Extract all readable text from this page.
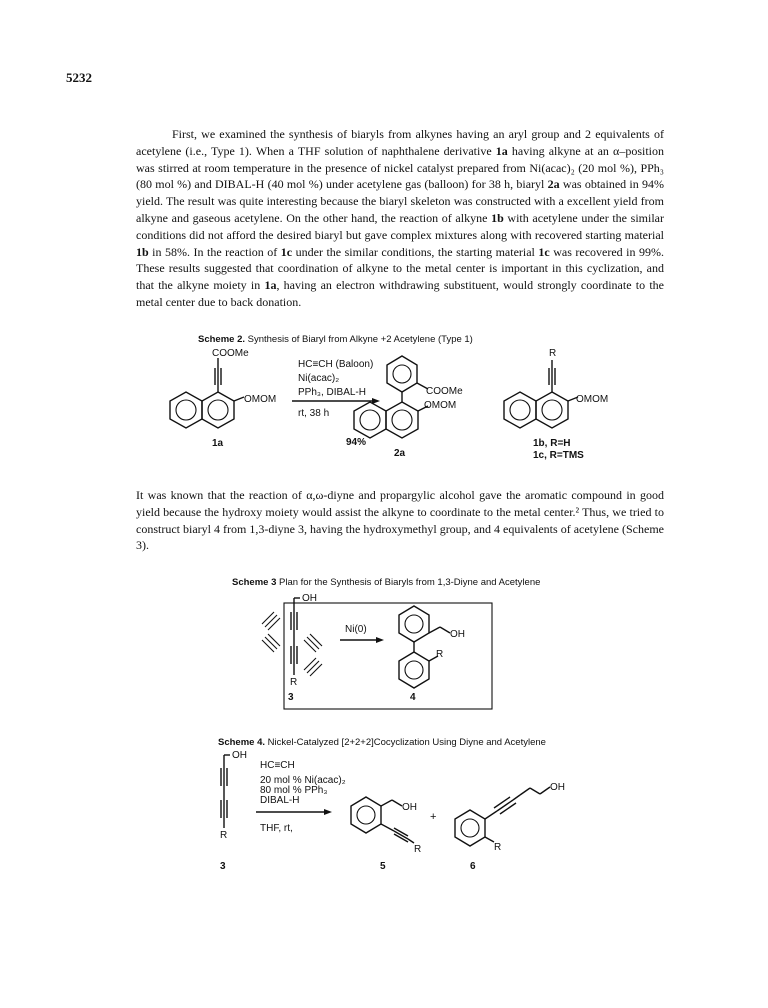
5232

First, we examined the synthesis of biaryls from alkynes having an aryl group and 2 equivalents of acetylene (i.e., Type 1). When a THF solution of naphthalene derivative 1a having alkyne at an α–position was stirred at room temperature in the presence of nickel catalyst prepared from Ni(acac)₂ (20 mol %), PPh₃ (80 mol %) and DIBAL-H (40 mol %) under acetylene gas (balloon) for 38 h, biaryl 2a was obtained in 94% yield. The result was quite interesting because the biaryl skeleton was constructed with a excellent yield from alkyne and gaseous acetylene. On the other hand, the reaction of alkyne 1b with acetylene under the similar conditions did not afford the desired biaryl but gave complex mixtures along with recovered starting material 1b in 58%. In the reaction of 1c under the similar conditions, the starting material 1c was recovered in 99%. These results suggested that coordination of alkyne to the metal center is important in this cyclization, and that the alkyne moiety in 1a, having an electron withdrawing substituent, would strongly coordinate to the metal center due to back donation.

Scheme 2. Synthesis of Biaryl from Alkyne +2 Acetylene (Type 1)
COOMe
OMOM
1a
HC≡CH (Baloon)
Ni(acac)₂
PPh₃, DIBAL-H
rt, 38 h
94%
COOMe
OMOM
2a
R
OMOM
1b, R=H
1c, R=TMS

It was known that the reaction of α,ω-diyne and propargylic alcohol gave the aromatic compound in good yield because the hydroxy moiety would assist the alkyne to coordinate to the metal center.² Thus, we tried to construct biaryl 4 from 1,3-diyne 3, having the hydroxymethyl group, and 4 equivalents of acetylene (Scheme 3).

Scheme 3 Plan for the Synthesis of Biaryls from 1,3-Diyne and Acetylene
OH
R
3
Ni(0)	OH
R
4
Scheme 4. Nickel-Catalyzed [2+2+2]Cocyclization Using Diyne and Acetylene
OH
R
3
HC≡CH
20 mol % Ni(acac)₂
80 mol % PPh₃
DIBAL-H
THF, rt,
OH
R
5
+
OH
R
6
